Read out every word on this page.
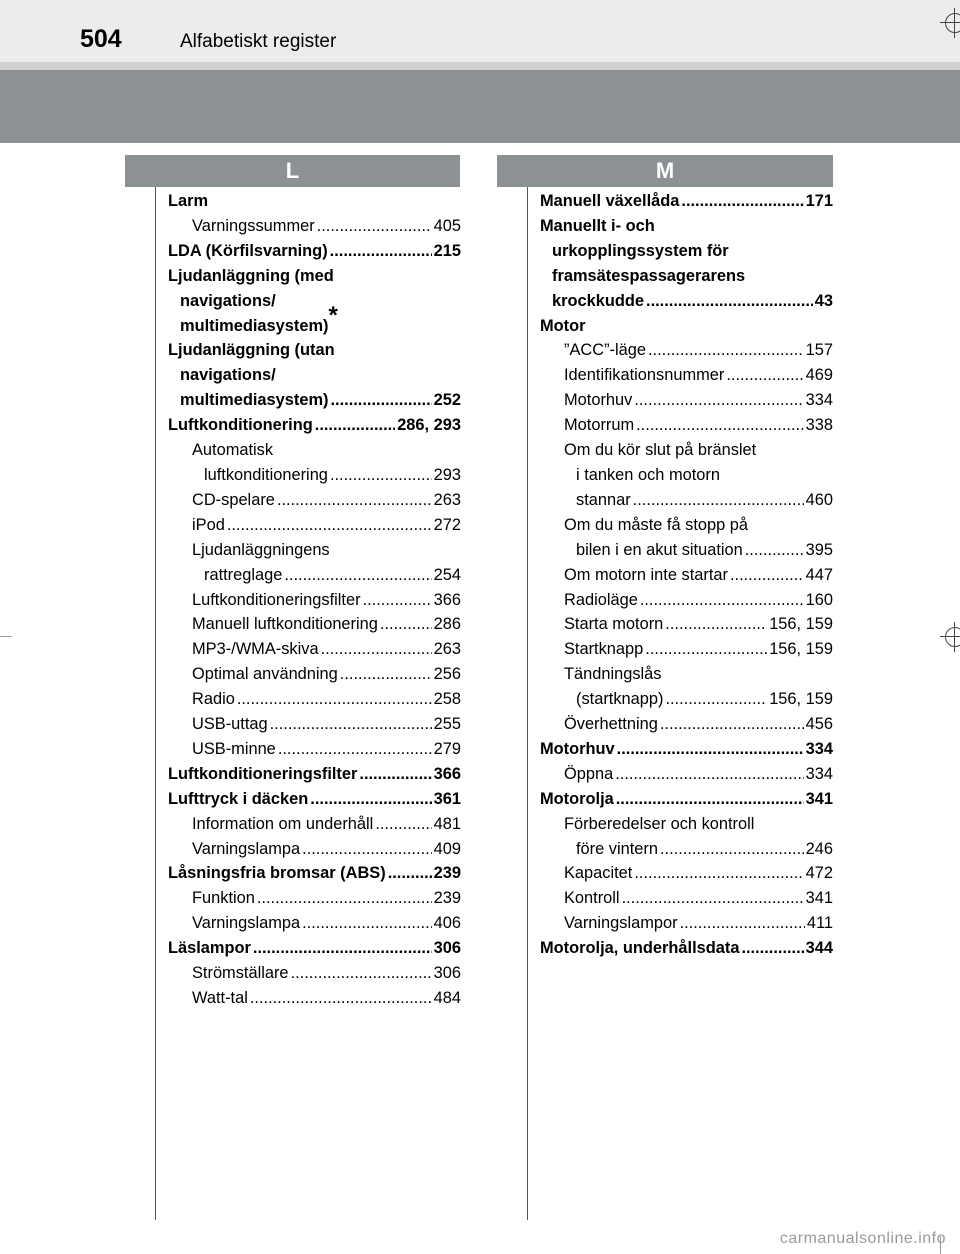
504	Alfabetiskt register
L	M
Larm
Varningssummer .....	405
LDA (Körfilsvarning) .....	215
Ljudanläggning (med
navigations/
multimediasystem)*
Ljudanläggning (utan
navigations/
multimediasystem) .....	252
Luftkonditionering .....	286, 293
Automatisk
luftkonditionering .....	293
CD-spelare .....	263
iPod .....	272
Ljudanläggningens
rattreglage .....	254
Luftkonditioneringsfilter .....	366
Manuell luftkonditionering .....	286
MP3-/WMA-skiva .....	263
Optimal användning .....	256
Radio .....	258
USB-uttag .....	255
USB-minne .....	279
Luftkonditioneringsfilter .....	366
Lufttryck i däcken .....	361
Information om underhåll .....	481
Varningslampa .....	409
Låsningsfria bromsar (ABS) .....	239
Funktion .....	239
Varningslampa .....	406
Läslampor .....	306
Strömställare .....	306
Watt-tal .....	484
Manuell växellåda .....	171
Manuellt i- och
urkopplingssystem för
framsätespassagerarens
krockkudde .....	43
Motor
”ACC”-läge .....	157
Identifikationsnummer .....	469
Motorhuv .....	334
Motorrum .....	338
Om du kör slut på bränslet
i tanken och motorn
stannar .....	460
Om du måste få stopp på
bilen i en akut situation .....	395
Om motorn inte startar .....	447
Radioläge .....	160
Starta motorn .....	156, 159
Startknapp .....	156, 159
Tändningslås
(startknapp) .....	156, 159
Överhettning .....	456
Motorhuv .....	334
Öppna .....	334
Motorolja .....	341
Förberedelser och kontroll
före vintern .....	246
Kapacitet .....	472
Kontroll .....	341
Varningslampor .....	411
Motorolja, underhållsdata .....	344
carmanualsonline.info
